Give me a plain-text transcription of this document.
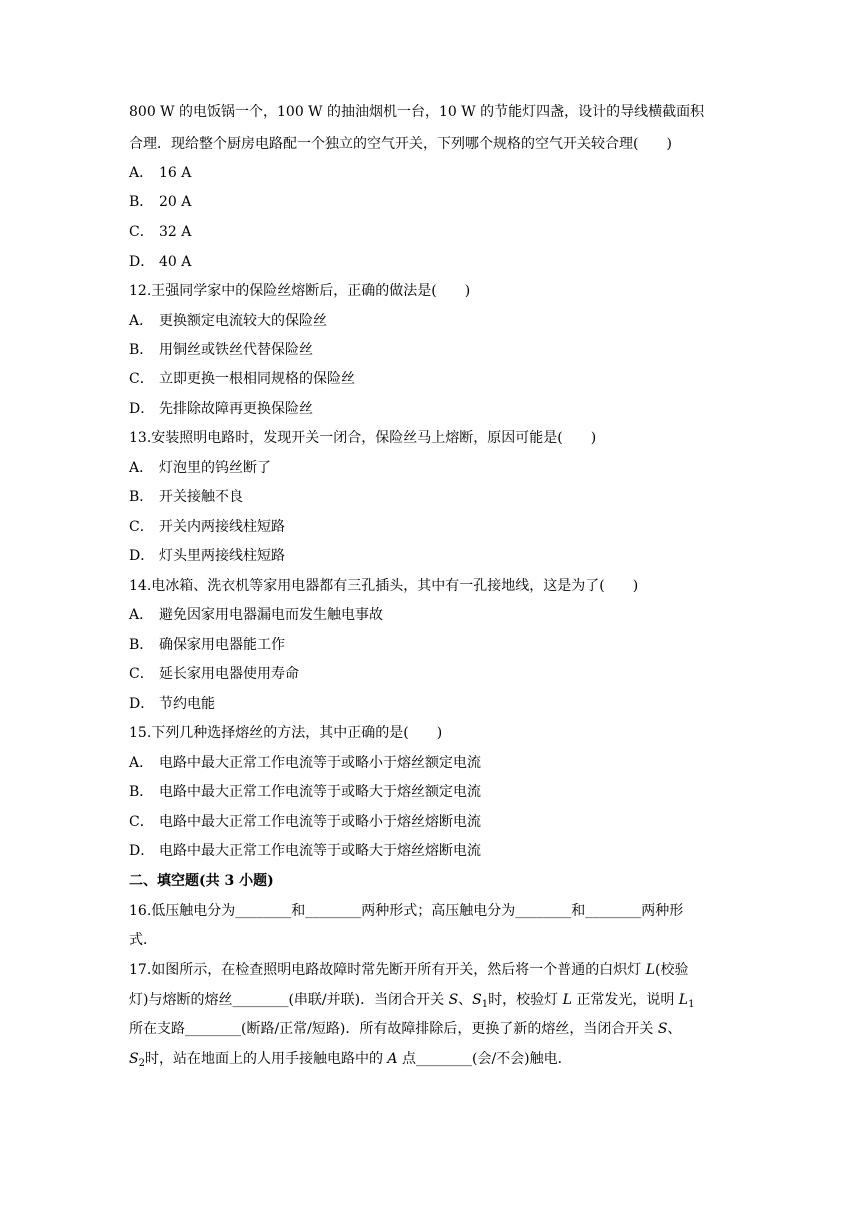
800 W 的电饭锅一个，100 W 的抽油烟机一台，10 W 的节能灯四盏，设计的导线横截面积
合理．现给整个厨房电路配一个独立的空气开关，下列哪个规格的空气开关较合理(　　)
A． 16 A
B． 20 A
C． 32 A
D． 40 A
12.王强同学家中的保险丝熔断后，正确的做法是(　　)
A． 更换额定电流较大的保险丝
B． 用铜丝或铁丝代替保险丝
C． 立即更换一根相同规格的保险丝
D． 先排除故障再更换保险丝
13.安装照明电路时，发现开关一闭合，保险丝马上熔断，原因可能是(　　)
A． 灯泡里的钨丝断了
B． 开关接触不良
C． 开关内两接线柱短路
D． 灯头里两接线柱短路
14.电冰箱、洗衣机等家用电器都有三孔插头，其中有一孔接地线，这是为了(　　)
A． 避免因家用电器漏电而发生触电事故
B． 确保家用电器能工作
C． 延长家用电器使用寿命
D． 节约电能
15.下列几种选择熔丝的方法，其中正确的是(　　)
A． 电路中最大正常工作电流等于或略小于熔丝额定电流
B． 电路中最大正常工作电流等于或略大于熔丝额定电流
C． 电路中最大正常工作电流等于或略小于熔丝熔断电流
D． 电路中最大正常工作电流等于或略大于熔丝熔断电流
二、填空题(共 3 小题)
16.低压触电分为________和________两种形式；高压触电分为________和________两种形
式．
17.如图所示，在检查照明电路故障时常先断开所有开关，然后将一个普通的白炽灯 L(校验
灯)与熔断的熔丝________(串联/并联)．当闭合开关 S、$S_1$时，校验灯 L 正常发光，说明 $L_1$
所在支路________(断路/正常/短路)．所有故障排除后，更换了新的熔丝，当闭合开关 S、
$S_2$时，站在地面上的人用手接触电路中的 A 点________(会/不会)触电．
